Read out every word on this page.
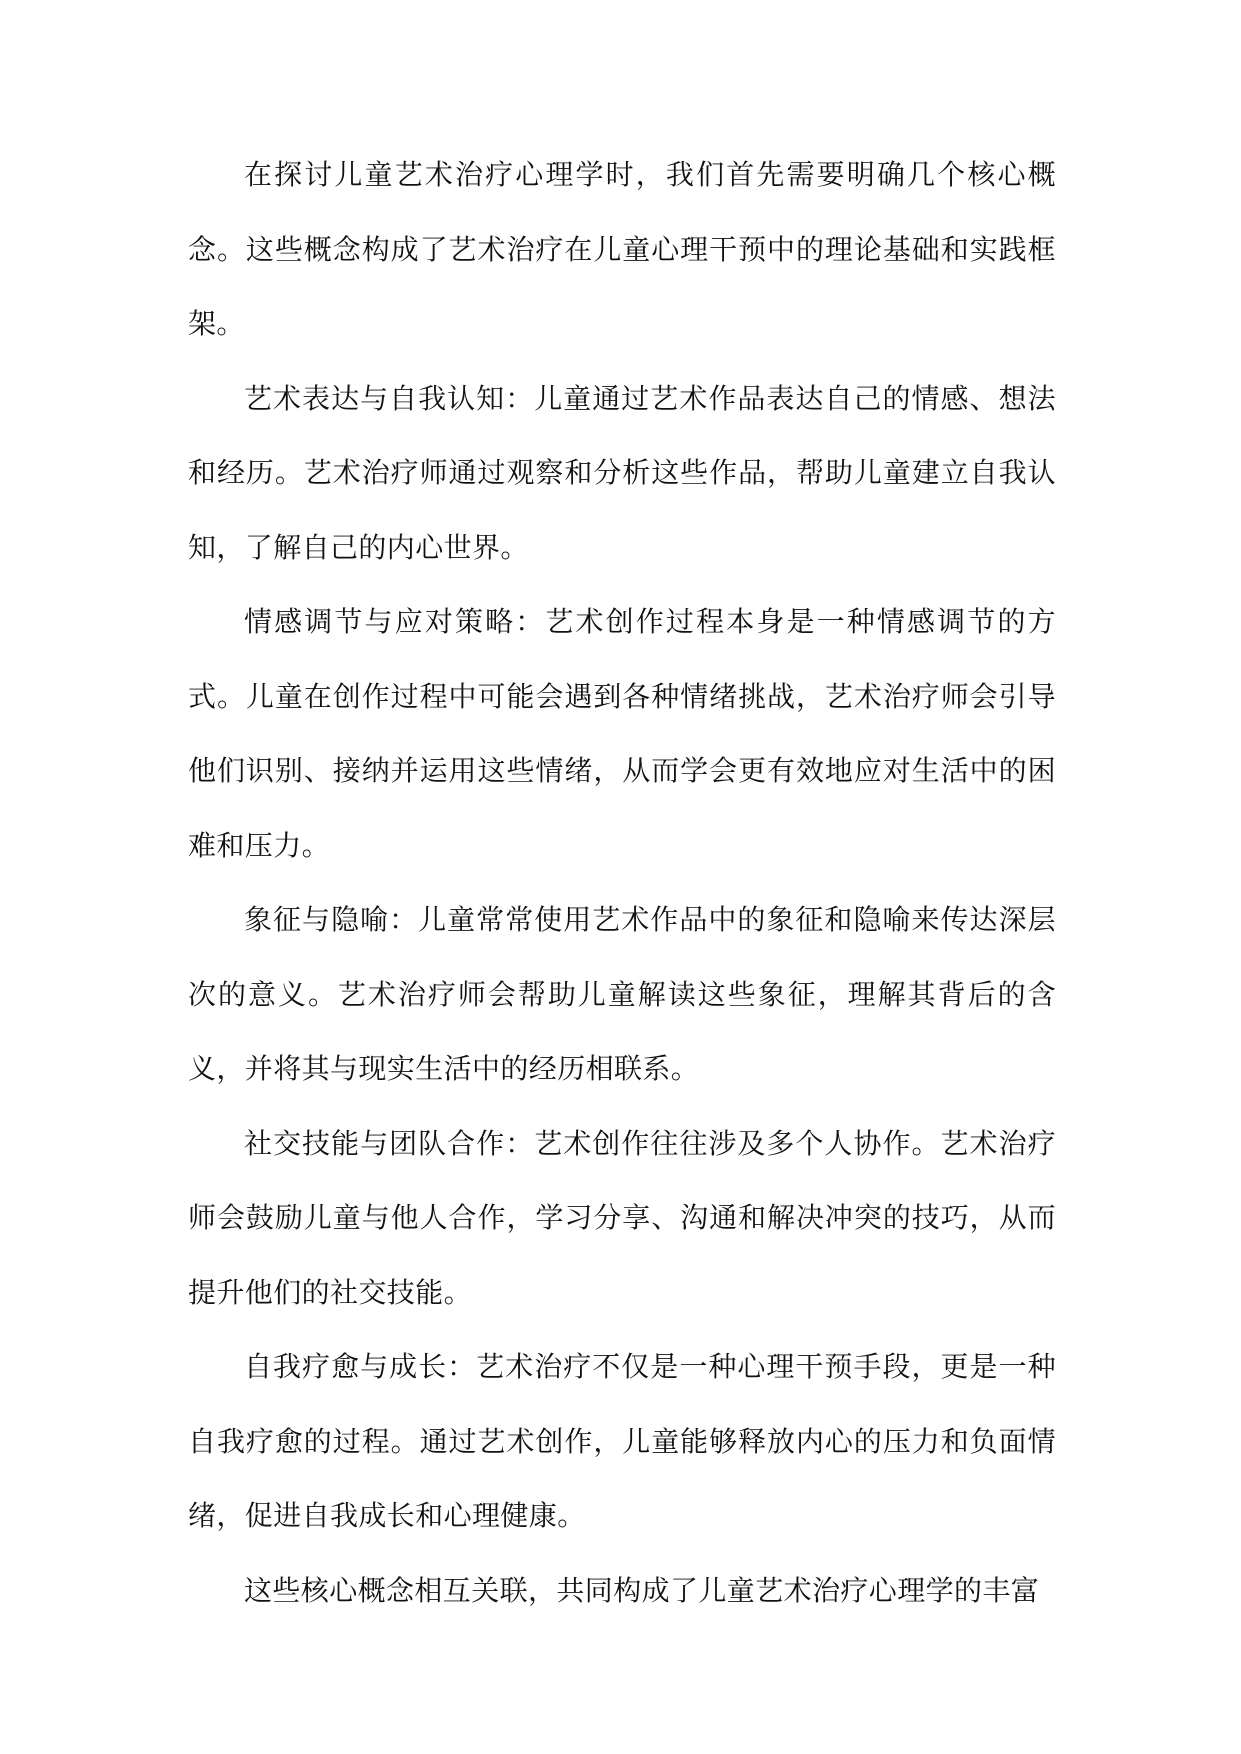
在探讨儿童艺术治疗心理学时，我们首先需要明确几个核心概念。这些概念构成了艺术治疗在儿童心理干预中的理论基础和实践框架。

艺术表达与自我认知：儿童通过艺术作品表达自己的情感、想法和经历。艺术治疗师通过观察和分析这些作品，帮助儿童建立自我认知，了解自己的内心世界。

情感调节与应对策略：艺术创作过程本身是一种情感调节的方式。儿童在创作过程中可能会遇到各种情绪挑战，艺术治疗师会引导他们识别、接纳并运用这些情绪，从而学会更有效地应对生活中的困难和压力。

象征与隐喻：儿童常常使用艺术作品中的象征和隐喻来传达深层次的意义。艺术治疗师会帮助儿童解读这些象征，理解其背后的含义，并将其与现实生活中的经历相联系。

社交技能与团队合作：艺术创作往往涉及多个人协作。艺术治疗师会鼓励儿童与他人合作，学习分享、沟通和解决冲突的技巧，从而提升他们的社交技能。

自我疗愈与成长：艺术治疗不仅是一种心理干预手段，更是一种自我疗愈的过程。通过艺术创作，儿童能够释放内心的压力和负面情绪，促进自我成长和心理健康。

这些核心概念相互关联，共同构成了儿童艺术治疗心理学的丰富
